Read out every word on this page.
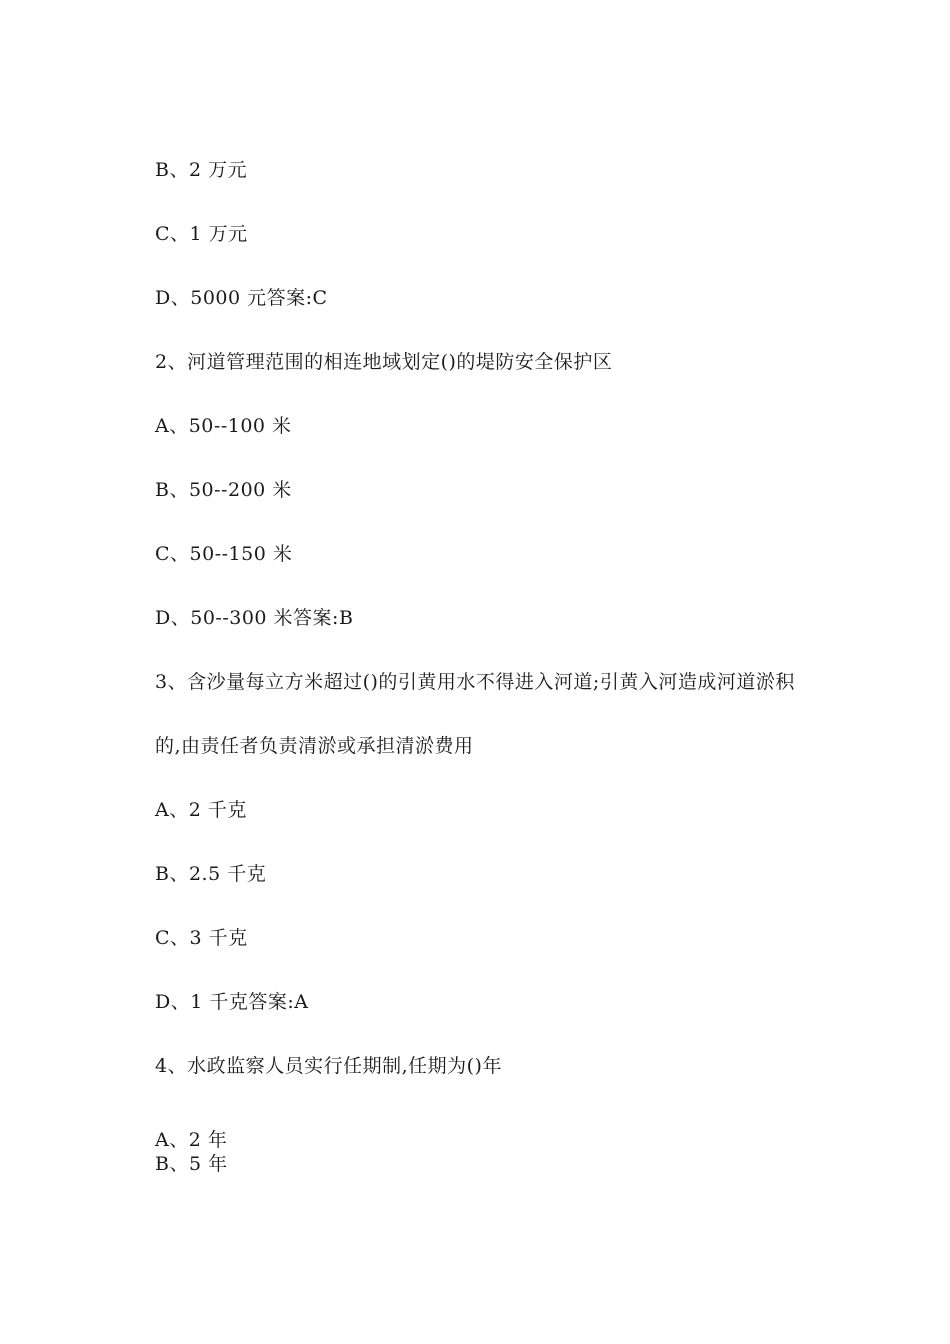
B、2 万元
C、1 万元
D、5000 元答案:C
2、河道管理范围的相连地域划定()的堤防安全保护区
A、50--100 米
B、50--200 米
C、50--150 米
D、50--300 米答案:B
3、含沙量每立方米超过()的引黄用水不得进入河道;引黄入河造成河道淤积
的,由责任者负责清淤或承担清淤费用
A、2 千克
B、2.5 千克
C、3 千克
D、1 千克答案:A
4、水政监察人员实行任期制,任期为()年
A、2 年
B、5 年
